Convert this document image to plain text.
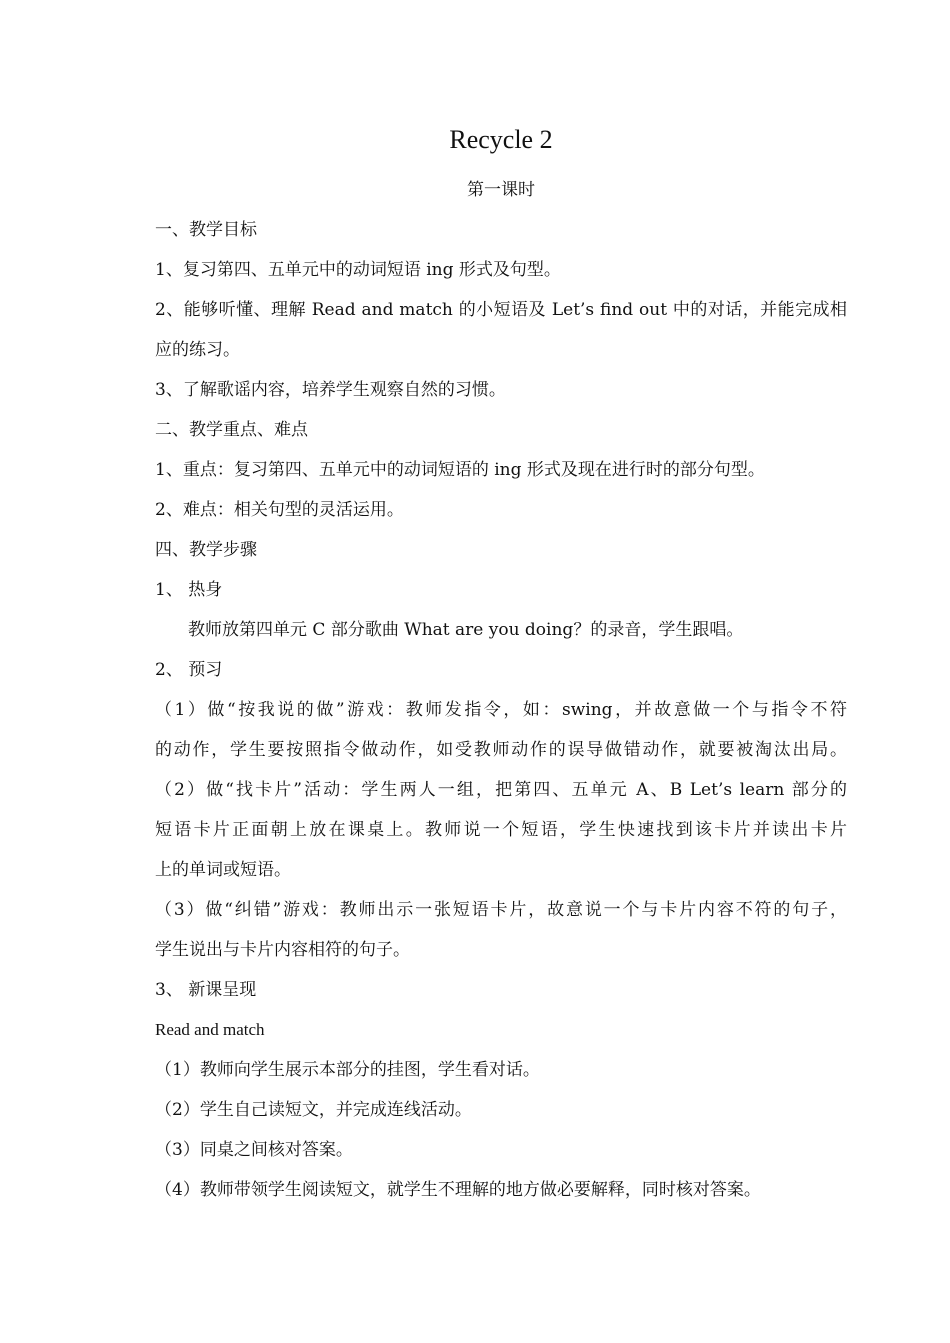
Recycle 2
第一课时
一、教学目标
1、复习第四、五单元中的动词短语 ing 形式及句型。
2、能够听懂、理解 Read and match 的小短语及 Let’s find out 中的对话，并能完成相
应的练习。
3、了解歌谣内容，培养学生观察自然的习惯。
二、教学重点、难点
1、重点：复习第四、五单元中的动词短语的 ing 形式及现在进行时的部分句型。
2、难点：相关句型的灵活运用。
四、教学步骤
1、 热身
教师放第四单元 C 部分歌曲 What are you doing？的录音，学生跟唱。
2、 预习
（1）做“按我说的做”游戏：教师发指令，如：swing，并故意做一个与指令不符
的动作，学生要按照指令做动作，如受教师动作的误导做错动作，就要被淘汰出局。
（2）做“找卡片”活动：学生两人一组，把第四、五单元 A、B Let’s learn 部分的
短语卡片正面朝上放在课桌上。教师说一个短语，学生快速找到该卡片并读出卡片
上的单词或短语。
（3）做“纠错”游戏：教师出示一张短语卡片，故意说一个与卡片内容不符的句子，
学生说出与卡片内容相符的句子。
3、 新课呈现
Read and match
（1）教师向学生展示本部分的挂图，学生看对话。
（2）学生自己读短文，并完成连线活动。
（3）同桌之间核对答案。
（4）教师带领学生阅读短文，就学生不理解的地方做必要解释，同时核对答案。
